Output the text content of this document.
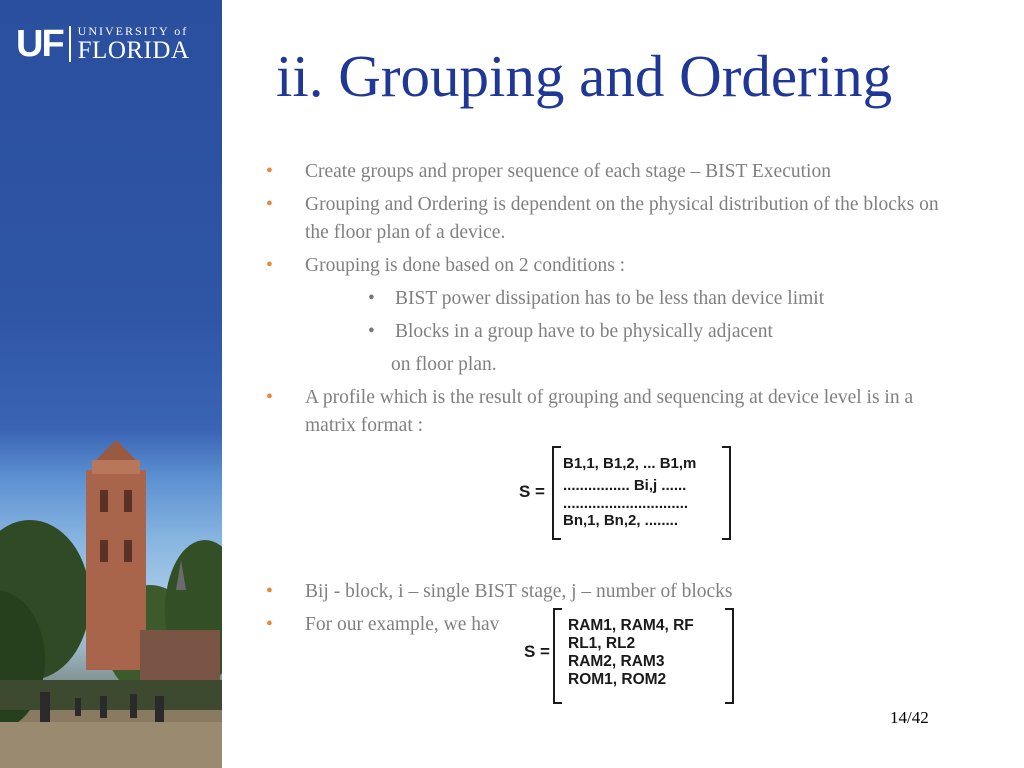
UF UNIVERSITY of
FLORIDA ii. Grouping and Ordering
•	Create groups and proper sequence of each stage – BIST Execution
•	Grouping and Ordering is dependent on the physical distribution of the blocks on the floor plan of a device.
•	Grouping is done based on 2 conditions :
•	BIST power dissipation has to be less than device limit
•	Blocks in a group have to be physically adjacent
on floor plan.
•	A profile which is the result of grouping and sequencing at device level is in a matrix format :
•	Bij - block, i – single BIST stage, j – number of blocks
•	For our example, we hav
S =
B1,1, B1,2, ... B1,m
................ Bi,j ......
..............................
Bn,1, Bn,2, ........
S =
RAM1, RAM4, RF
RL1, RL2
RAM2, RAM3
ROM1, ROM2
14/42
